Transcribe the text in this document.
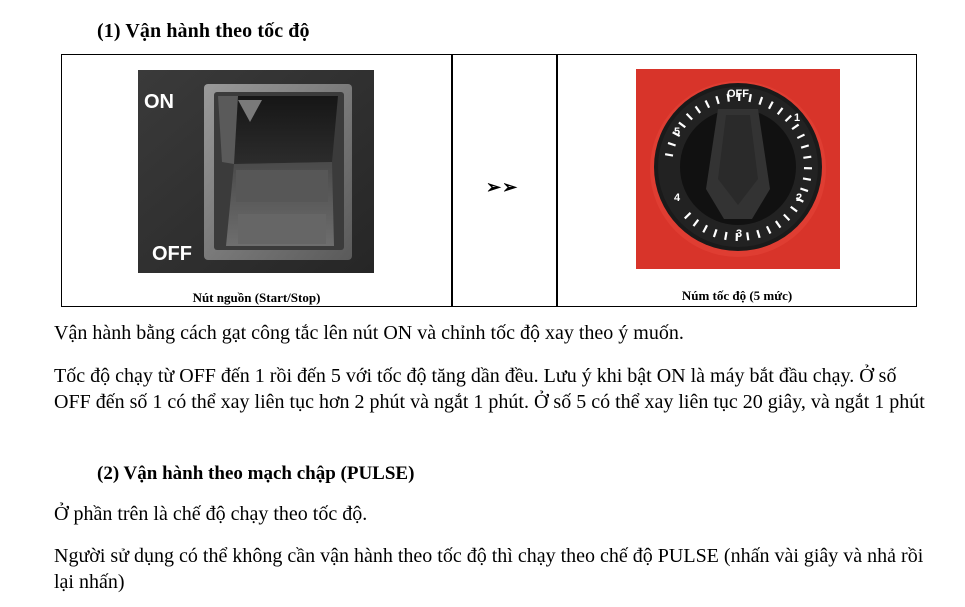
(1) Vận hành theo tốc độ
ON
OFF
Nút nguồn (Start/Stop)
➢➢
OFF
1
2
3
4
5
Núm tốc độ (5 mức)
Vận hành bằng cách gạt công tắc lên nút ON và chỉnh tốc độ xay theo ý muốn.
Tốc độ chạy từ OFF đến 1 rồi đến 5 với tốc độ tăng dần đều. Lưu ý khi bật ON là máy bắt đầu chạy. Ở số OFF đến số 1 có thể xay liên tục hơn 2 phút và ngắt 1 phút. Ở số 5 có thể xay liên tục 20 giây, và ngắt 1 phút
(2) Vận hành theo mạch chập (PULSE)
Ở phần trên là chế độ chạy theo tốc độ.
Người sử dụng có thể không cần vận hành theo tốc độ thì chạy theo chế độ PULSE (nhấn vài giây và nhả rồi lại nhấn)
